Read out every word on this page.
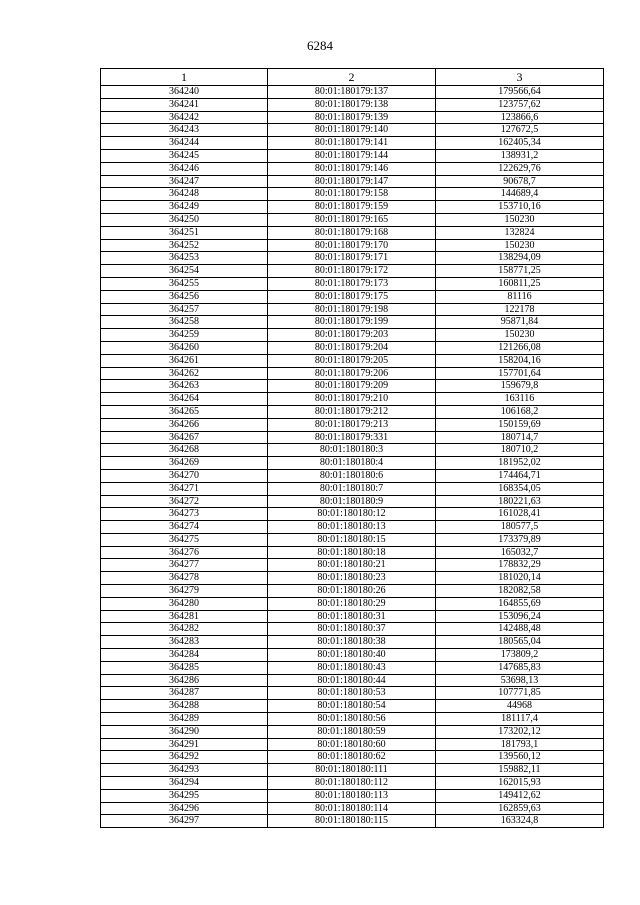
6284
1	2	3
364240	80:01:180179:137	179566,64
364241	80:01:180179:138	123757,62
364242	80:01:180179:139	123866,6
364243	80:01:180179:140	127672,5
364244	80:01:180179:141	162405,34
364245	80:01:180179:144	138931,2
364246	80:01:180179:146	122629,76
364247	80:01:180179:147	90678,7
364248	80:01:180179:158	144689,4
364249	80:01:180179:159	153710,16
364250	80:01:180179:165	150230
364251	80:01:180179:168	132824
364252	80:01:180179:170	150230
364253	80:01:180179:171	138294,09
364254	80:01:180179:172	158771,25
364255	80:01:180179:173	160811,25
364256	80:01:180179:175	81116
364257	80:01:180179:198	122178
364258	80:01:180179:199	95871,84
364259	80:01:180179:203	150230
364260	80:01:180179:204	121266,08
364261	80:01:180179:205	158204,16
364262	80:01:180179:206	157701,64
364263	80:01:180179:209	159679,8
364264	80:01:180179:210	163116
364265	80:01:180179:212	106168,2
364266	80:01:180179:213	150159,69
364267	80:01:180179:331	180714,7
364268	80:01:180180:3	180710,2
364269	80:01:180180:4	181952,02
364270	80:01:180180:6	174464,71
364271	80:01:180180:7	168354,05
364272	80:01:180180:9	180221,63
364273	80:01:180180:12	161028,41
364274	80:01:180180:13	180577,5
364275	80:01:180180:15	173379,89
364276	80:01:180180:18	165032,7
364277	80:01:180180:21	178832,29
364278	80:01:180180:23	181020,14
364279	80:01:180180:26	182082,58
364280	80:01:180180:29	164855,69
364281	80:01:180180:31	153096,24
364282	80:01:180180:37	142488,48
364283	80:01:180180:38	180565,04
364284	80:01:180180:40	173809,2
364285	80:01:180180:43	147685,83
364286	80:01:180180:44	53698,13
364287	80:01:180180:53	107771,85
364288	80:01:180180:54	44968
364289	80:01:180180:56	181117,4
364290	80:01:180180:59	173202,12
364291	80:01:180180:60	181793,1
364292	80:01:180180:62	139560,12
364293	80:01:180180:111	159882,11
364294	80:01:180180:112	162015,93
364295	80:01:180180:113	149412,62
364296	80:01:180180:114	162859,63
364297	80:01:180180:115	163324,8
